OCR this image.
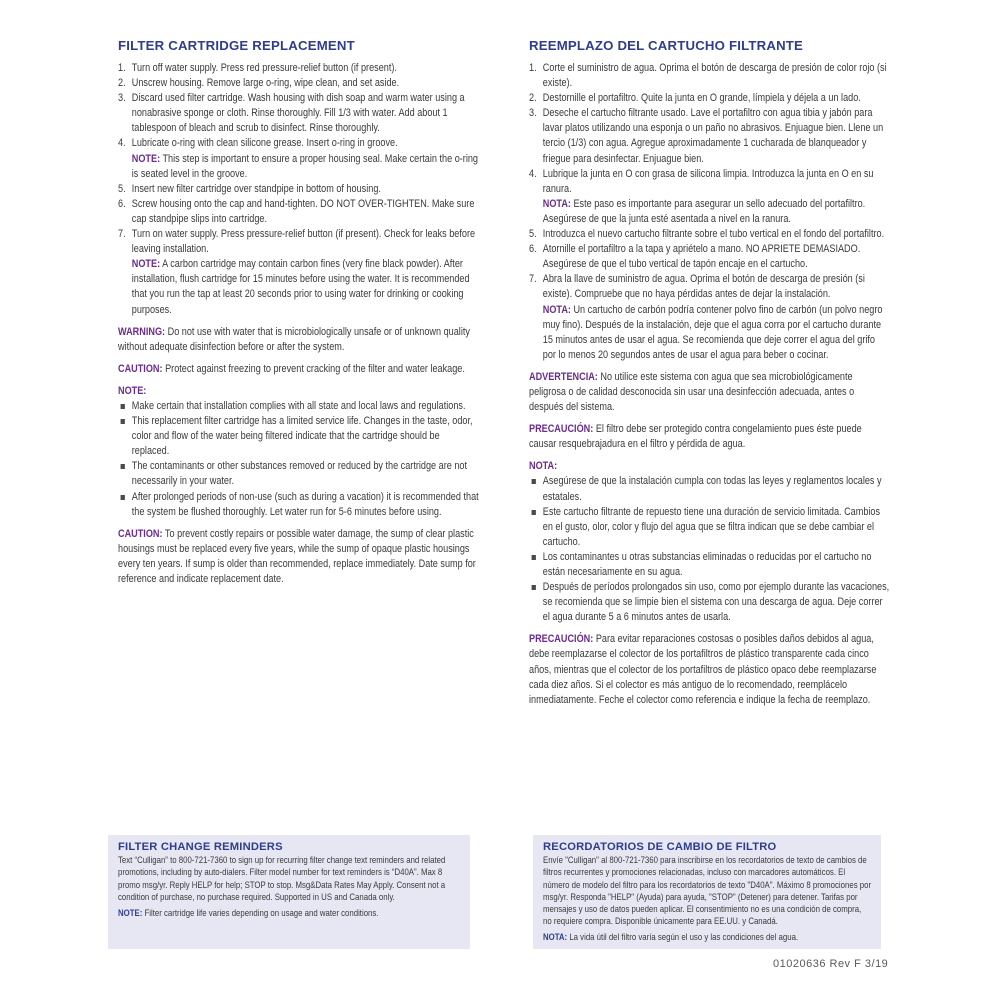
FILTER CARTRIDGE REPLACEMENT
1. Turn off water supply. Press red pressure-relief button (if present).
2. Unscrew housing. Remove large o-ring, wipe clean, and set aside.
3. Discard used filter cartridge. Wash housing with dish soap and warm water using a nonabrasive sponge or cloth. Rinse thoroughly. Fill 1/3 with water. Add about 1 tablespoon of bleach and scrub to disinfect. Rinse thoroughly.
4. Lubricate o-ring with clean silicone grease. Insert o-ring in groove.
NOTE: This step is important to ensure a proper housing seal. Make certain the o-ring is seated level in the groove.
5. Insert new filter cartridge over standpipe in bottom of housing.
6. Screw housing onto the cap and hand-tighten. DO NOT OVER-TIGHTEN. Make sure cap standpipe slips into cartridge.
7. Turn on water supply. Press pressure-relief button (if present). Check for leaks before leaving installation.
NOTE: A carbon cartridge may contain carbon fines (very fine black powder). After installation, flush cartridge for 15 minutes before using the water. It is recommended that you run the tap at least 20 seconds prior to using water for drinking or cooking purposes.
WARNING: Do not use with water that is microbiologically unsafe or of unknown quality without adequate disinfection before or after the system.
CAUTION: Protect against freezing to prevent cracking of the filter and water leakage.
NOTE:
Make certain that installation complies with all state and local laws and regulations.
This replacement filter cartridge has a limited service life. Changes in the taste, odor, color and flow of the water being filtered indicate that the cartridge should be replaced.
The contaminants or other substances removed or reduced by the cartridge are not necessarily in your water.
After prolonged periods of non-use (such as during a vacation) it is recommended that the system be flushed thoroughly. Let water run for 5-6 minutes before using.
CAUTION: To prevent costly repairs or possible water damage, the sump of clear plastic housings must be replaced every five years, while the sump of opaque plastic housings every ten years. If sump is older than recommended, replace immediately. Date sump for reference and indicate replacement date.
REEMPLAZO DEL CARTUCHO FILTRANTE
1. Corte el suministro de agua. Oprima el botón de descarga de presión de color rojo (si existe).
2. Destornille el portafiltro. Quite la junta en O grande, límpiela y déjela a un lado.
3. Deseche el cartucho filtrante usado. Lave el portafiltro con agua tibia y jabón para lavar platos utilizando una esponja o un paño no abrasivos. Enjuague bien. Llene un tercio (1/3) con agua. Agregue aproximadamente 1 cucharada de blanqueador y friegue para desinfectar. Enjuague bien.
4. Lubrique la junta en O con grasa de silicona limpia. Introduzca la junta en O en su ranura.
NOTA: Este paso es importante para asegurar un sello adecuado del portafiltro. Asegúrese de que la junta esté asentada a nivel en la ranura.
5. Introduzca el nuevo cartucho filtrante sobre el tubo vertical en el fondo del portafiltro.
6. Atornille el portafiltro a la tapa y apriételo a mano. NO APRIETE DEMASIADO. Asegúrese de que el tubo vertical de tapón encaje en el cartucho.
7. Abra la llave de suministro de agua. Oprima el botón de descarga de presión (si existe). Compruebe que no haya pérdidas antes de dejar la instalación.
NOTA: Un cartucho de carbón podría contener polvo fino de carbón (un polvo negro muy fino). Después de la instalación, deje que el agua corra por el cartucho durante 15 minutos antes de usar el agua. Se recomienda que deje correr el agua del grifo por lo menos 20 segundos antes de usar el agua para beber o cocinar.
ADVERTENCIA: No utilice este sistema con agua que sea microbiológicamente peligrosa o de calidad desconocida sin usar una desinfección adecuada, antes o después del sistema.
PRECAUCIÓN: El filtro debe ser protegido contra congelamiento pues éste puede causar resquebrajadura en el filtro y pérdida de agua.
NOTA:
Asegúrese de que la instalación cumpla con todas las leyes y reglamentos locales y estatales.
Este cartucho filtrante de repuesto tiene una duración de servicio limitada. Cambios en el gusto, olor, color y flujo del agua que se filtra indican que se debe cambiar el cartucho.
Los contaminantes u otras substancias eliminadas o reducidas por el cartucho no están necesariamente en su agua.
Después de períodos prolongados sin uso, como por ejemplo durante las vacaciones, se recomienda que se limpie bien el sistema con una descarga de agua. Deje correr el agua durante 5 a 6 minutos antes de usarla.
PRECAUCIÓN: Para evitar reparaciones costosas o posibles daños debidos al agua, debe reemplazarse el colector de los portafiltros de plástico transparente cada cinco años, mientras que el colector de los portafiltros de plástico opaco debe reemplazarse cada diez años. Si el colector es más antiguo de lo recomendado, reemplácelo inmediatamente. Feche el colector como referencia e indique la fecha de reemplazo.
FILTER CHANGE REMINDERS
Text “Culligan” to 800-721-7360 to sign up for recurring filter change text reminders and related promotions, including by auto-dialers. Filter model number for text reminders is “D40A”. Max 8 promo msg/yr. Reply HELP for help; STOP to stop. Msg&Data Rates May Apply. Consent not a condition of purchase, no purchase required. Supported in US and Canada only.
NOTE: Filter cartridge life varies depending on usage and water conditions.
RECORDATORIOS DE CAMBIO DE FILTRO
Envíe "Culligan" al 800-721-7360 para inscribirse en los recordatorios de texto de cambios de filtros recurrentes y promociones relacionadas, incluso con marcadores automáticos. El número de modelo del filtro para los recordatorios de texto "D40A". Máximo 8 promociones por msg/yr. Responda "HELP" (Ayuda) para ayuda, "STOP" (Detener) para detener. Tarifas por mensajes y uso de datos pueden aplicar. El consentimiento no es una condición de compra, no requiere compra. Disponible únicamente para EE.UU. y Canadá.
NOTA: La vida útil del filtro varía según el uso y las condiciones del agua.
01020636 Rev F 3/19
